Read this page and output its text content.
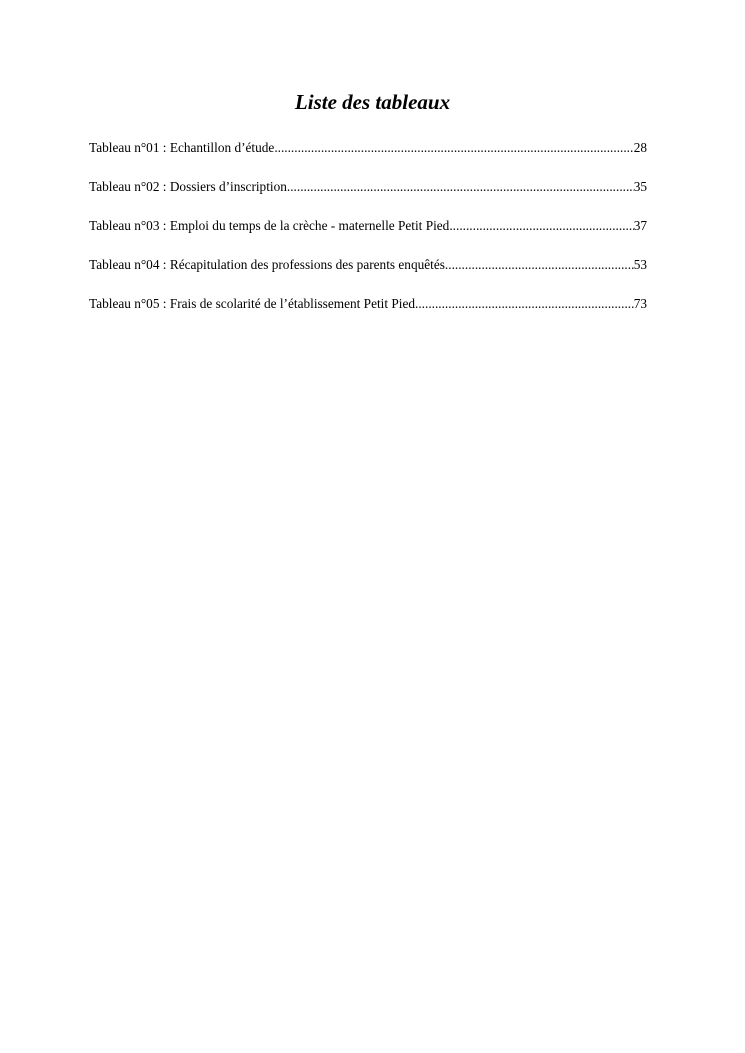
Liste des tableaux
Tableau n°01 : Echantillon d’étude .....	28
Tableau n°02 : Dossiers d’inscription .....	35
Tableau n°03 : Emploi du temps de la crèche - maternelle Petit Pied .....	37
Tableau n°04 : Récapitulation des professions des parents enquêtés .....	53
Tableau n°05 : Frais de scolarité de l’établissement Petit Pied .....	73
